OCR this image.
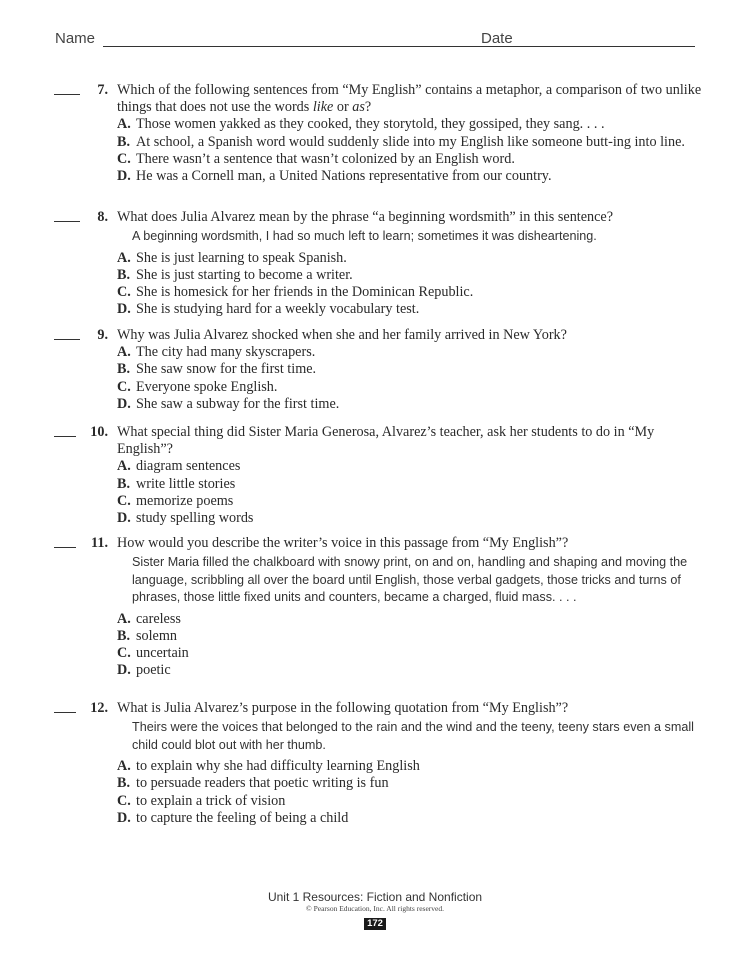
Name	Date
7. Which of the following sentences from “My English” contains a metaphor, a comparison of two unlike things that does not use the words like or as?
A. Those women yakked as they cooked, they storytold, they gossiped, they sang. . . .
B. At school, a Spanish word would suddenly slide into my English like someone butt-ing into line.
C. There wasn’t a sentence that wasn’t colonized by an English word.
D. He was a Cornell man, a United Nations representative from our country.
8. What does Julia Alvarez mean by the phrase “a beginning wordsmith” in this sentence?
A beginning wordsmith, I had so much left to learn; sometimes it was disheartening.
A. She is just learning to speak Spanish.
B. She is just starting to become a writer.
C. She is homesick for her friends in the Dominican Republic.
D. She is studying hard for a weekly vocabulary test.
9. Why was Julia Alvarez shocked when she and her family arrived in New York?
A. The city had many skyscrapers.
B. She saw snow for the first time.
C. Everyone spoke English.
D. She saw a subway for the first time.
10. What special thing did Sister Maria Generosa, Alvarez’s teacher, ask her students to do in “My English”?
A. diagram sentences
B. write little stories
C. memorize poems
D. study spelling words
11. How would you describe the writer’s voice in this passage from “My English”?
Sister Maria filled the chalkboard with snowy print, on and on, handling and shaping and moving the language, scribbling all over the board until English, those verbal gadgets, those tricks and turns of phrases, those little fixed units and counters, became a charged, fluid mass. . . .
A. careless
B. solemn
C. uncertain
D. poetic
12. What is Julia Alvarez’s purpose in the following quotation from “My English”?
Theirs were the voices that belonged to the rain and the wind and the teeny, teeny stars even a small child could blot out with her thumb.
A. to explain why she had difficulty learning English
B. to persuade readers that poetic writing is fun
C. to explain a trick of vision
D. to capture the feeling of being a child
Unit 1 Resources: Fiction and Nonfiction
© Pearson Education, Inc. All rights reserved.
172
